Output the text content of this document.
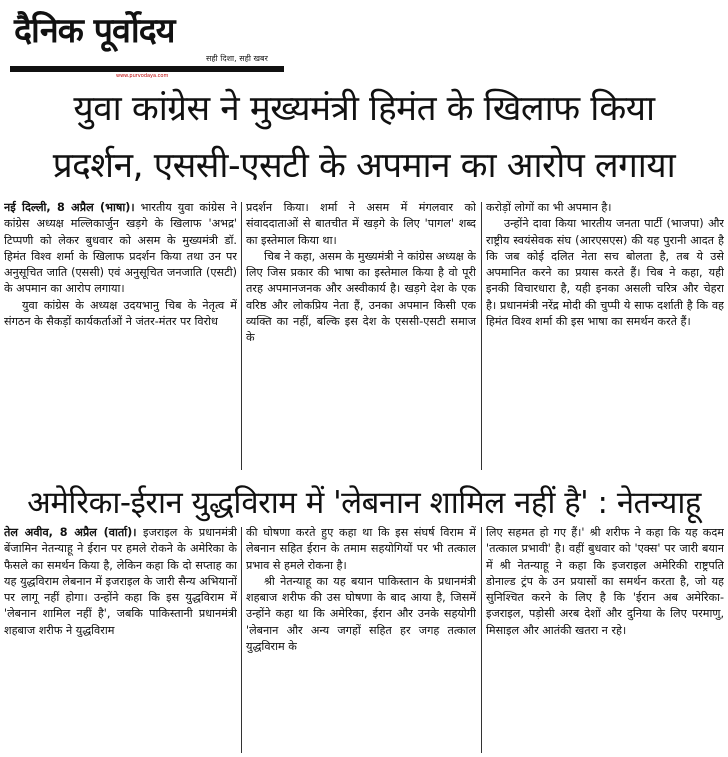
दैनिक पूर्वोदय
सही दिशा, सही खबर
www.purvodaya.com
युवा कांग्रेस ने मुख्यमंत्री हिमंत के खिलाफ किया
प्रदर्शन, एससी-एसटी के अपमान का आरोप लगाया

नई दिल्ली, 8 अप्रैल (भाषा)। भारतीय युवा कांग्रेस ने कांग्रेस अध्यक्ष मल्लिकार्जुन खड़गे के खिलाफ 'अभद्र' टिप्पणी को लेकर बुधवार को असम के मुख्यमंत्री डॉ. हिमंत विश्व शर्मा के खिलाफ प्रदर्शन किया तथा उन पर अनुसूचित जाति (एससी) एवं अनुसूचित जनजाति (एसटी) के अपमान का आरोप लगाया।

युवा कांग्रेस के अध्यक्ष उदयभानु चिब के नेतृत्व में संगठन के सैकड़ों कार्यकर्ताओं ने जंतर-मंतर पर विरोध

प्रदर्शन किया। शर्मा ने असम में मंगलवार को संवाददाताओं से बातचीत में खड़गे के लिए 'पागल' शब्द का इस्तेमाल किया था।

चिब ने कहा, असम के मुख्यमंत्री ने कांग्रेस अध्यक्ष के लिए जिस प्रकार की भाषा का इस्तेमाल किया है वो पूरी तरह अपमानजनक और अस्वीकार्य है। खड़गे देश के एक वरिष्ठ और लोकप्रिय नेता हैं, उनका अपमान किसी एक व्यक्ति का नहीं, बल्कि इस देश के एससी-एसटी समाज के

करोड़ों लोगों का भी अपमान है।

उन्होंने दावा किया भारतीय जनता पार्टी (भाजपा) और राष्ट्रीय स्वयंसेवक संघ (आरएसएस) की यह पुरानी आदत है कि जब कोई दलित नेता सच बोलता है, तब ये उसे अपमानित करने का प्रयास करते हैं। चिब ने कहा, यही इनकी विचारधारा है, यही इनका असली चरित्र और चेहरा है। प्रधानमंत्री नरेंद्र मोदी की चुप्पी ये साफ दर्शाती है कि वह हिमंत विश्व शर्मा की इस भाषा का समर्थन करते हैं।

अमेरिका-ईरान युद्धविराम में 'लेबनान शामिल नहीं है' : नेतन्याहू

तेल अवीव, 8 अप्रैल (वार्ता)। इजराइल के प्रधानमंत्री बेंजामिन नेतन्याहू ने ईरान पर हमले रोकने के अमेरिका के फैसले का समर्थन किया है, लेकिन कहा कि दो सप्ताह का यह युद्धविराम लेबनान में इजराइल के जारी सैन्य अभियानों पर लागू नहीं होगा। उन्होंने कहा कि इस युद्धविराम में 'लेबनान शामिल नहीं है', जबकि पाकिस्तानी प्रधानमंत्री शहबाज शरीफ ने युद्धविराम

की घोषणा करते हुए कहा था कि इस संघर्ष विराम में लेबनान सहित ईरान के तमाम सहयोगियों पर भी तत्काल प्रभाव से हमले रोकना है।

श्री नेतन्याहू का यह बयान पाकिस्तान के प्रधानमंत्री शहबाज शरीफ की उस घोषणा के बाद आया है, जिसमें उन्होंने कहा था कि अमेरिका, ईरान और उनके सहयोगी 'लेबनान और अन्य जगहों सहित हर जगह तत्काल युद्धविराम के

लिए सहमत हो गए हैं।' श्री शरीफ ने कहा कि यह कदम 'तत्काल प्रभावी' है। वहीं बुधवार को 'एक्स' पर जारी बयान में श्री नेतन्याहू ने कहा कि इजराइल अमेरिकी राष्ट्रपति डोनाल्ड ट्रंप के उन प्रयासों का समर्थन करता है, जो यह सुनिश्चित करने के लिए है कि 'ईरान अब अमेरिका-इजराइल, पड़ोसी अरब देशों और दुनिया के लिए परमाणु, मिसाइल और आतंकी खतरा न रहे।
